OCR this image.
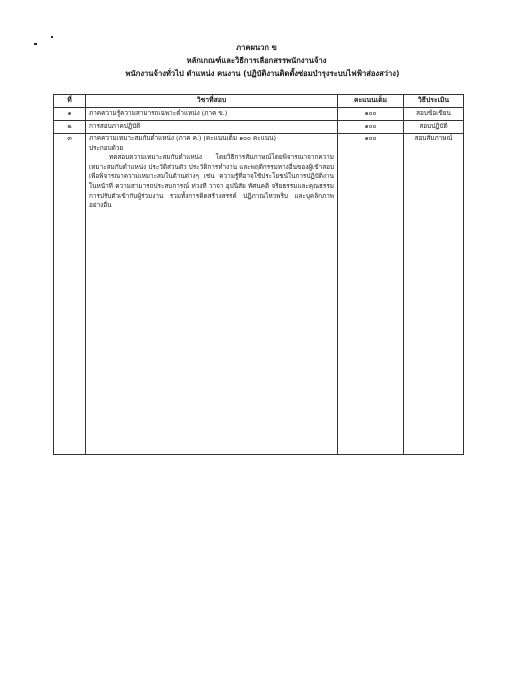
ภาคผนวก ข
หลักเกณฑ์และวิธีการเลือกสรรพนักงานจ้าง
พนักงานจ้างทั่วไป ตำแหน่ง คนงาน (ปฏิบัติงานติดตั้งซ่อมบำรุงระบบไฟฟ้าส่องสว่าง)
ที่	วิชาที่สอบ	คะแนนเต็ม	วิธีประเมิน
๑	ภาคความรู้ความสามารถเฉพาะตำแหน่ง (ภาค ข.)	๑๐๐	สอบข้อเขียน
๒	การสอบภาคปฏิบัติ	๑๐๐	สอบปฏิบัติ
๓	ภาคความเหมาะสมกับตำแหน่ง (ภาค ค.) (คะแนนเต็ม ๑๐๐ คะแนน)
ประกอบด้วย
ทดสอบความเหมาะสมกับตำแหน่ง โดยวิธีการสัมภาษณ์โดยพิจารณาจากความเหมาะสมกับตำแหน่ง ประวัติส่วนตัว ประวัติการทำงาน และพฤติกรรมทางอื่นของผู้เข้าสอบ เพื่อพิจารณาความเหมาะสมในด้านต่างๆ เช่น ความรู้ที่อาจใช้ประโยชน์ในการปฏิบัติงานในหน้าที่ ความสามารถประสบการณ์ ท่วงที วาจา อุปนิสัย ทัศนคติ จริยธรรมและคุณธรรม การปรับตัวเข้ากับผู้ร่วมงาน รวมทั้งการคิดสร้างสรรค์ ปฏิภาณไหวพริบ และบุคลิกภาพอย่างอื่น	๑๐๐	สอบสัมภาษณ์
